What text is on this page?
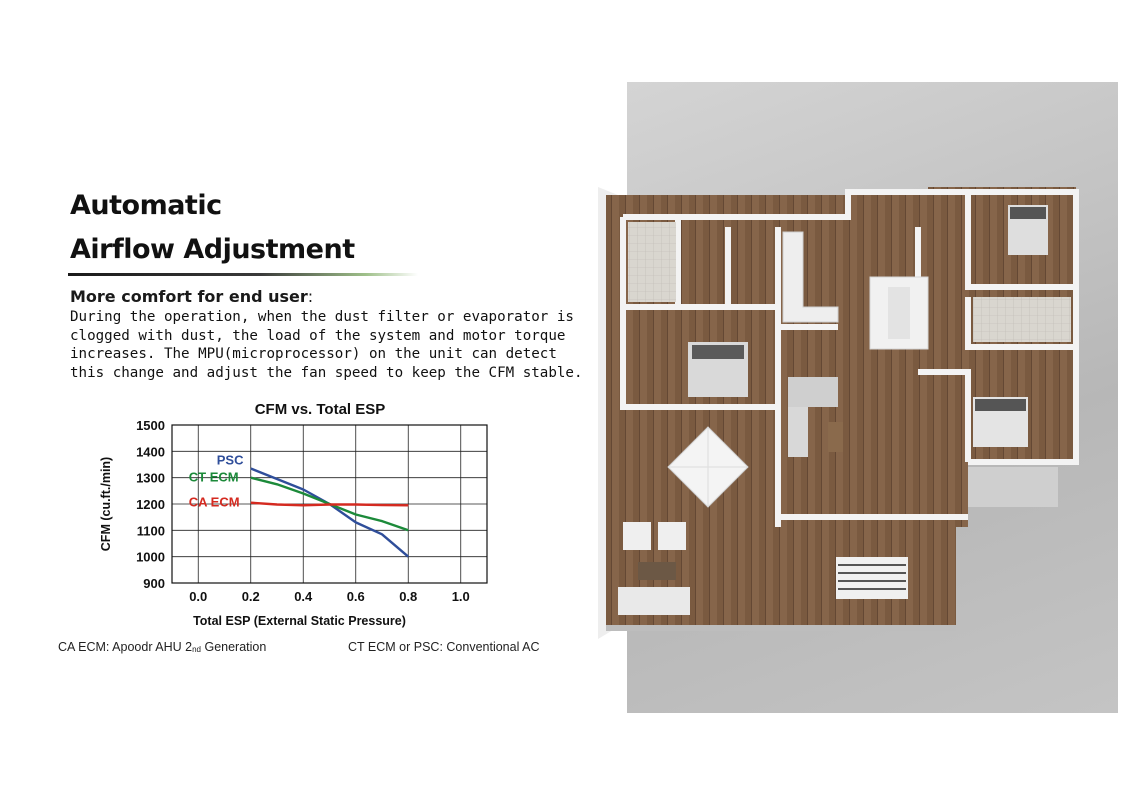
Automatic
Airflow Adjustment
More comfort for end user:
During the operation, when the dust filter or evaporator is
clogged with dust, the load of the system and motor torque
increases. The MPU(microprocessor) on the unit can detect
this change and adjust the fan speed to keep the CFM stable.
CFM vs. Total ESP
900
1000
1100
1200
1300
1400
1500
0.0	0.2	0.4	0.6	0.8	1.0
PSC
CT ECM
CA ECM
CFM (cu.ft./min)
Total ESP (External Static Pressure)
CA ECM: Apoodr AHU $2_{nd}$ Generation	CT ECM or PSC: Conventional AC
